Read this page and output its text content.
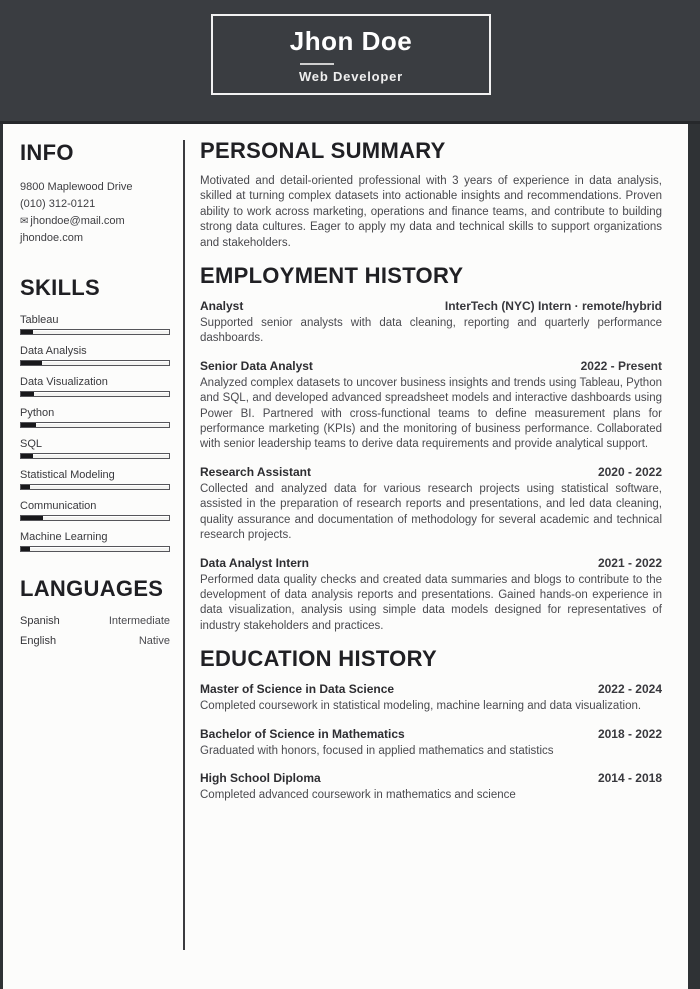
Jhon Doe
Web Developer
INFO
9800 Maplewood Drive
(010) 312-0121
✉ jhondoe@mail.com
jhondoe.com
SKILLS
Tableau
Data Analysis
Data Visualization
Python
SQL
Statistical Modeling
Communication
Machine Learning
LANGUAGES
Spanish	Intermediate
English	Native
PERSONAL SUMMARY
Motivated and detail-oriented professional with 3 years of experience in data analysis, skilled at turning complex datasets into actionable insights and recommendations. Proven ability to work across marketing, operations and finance teams, and contribute to building strong data cultures. Eager to apply my data and technical skills to support organizations and stakeholders.
EMPLOYMENT HISTORY
Analyst	InterTech (NYC) Intern · remote/hybrid
Supported senior analysts with data cleaning, reporting and quarterly performance dashboards.
Senior Data Analyst	2022 - Present
Analyzed complex datasets to uncover business insights and trends using Tableau, Python and SQL, and developed advanced spreadsheet models and interactive dashboards using Power BI. Partnered with cross-functional teams to define measurement plans for performance marketing (KPIs) and the monitoring of business performance. Collaborated with senior leadership teams to derive data requirements and provide analytical support.
Research Assistant	2020 - 2022
Collected and analyzed data for various research projects using statistical software, assisted in the preparation of research reports and presentations, and led data cleaning, quality assurance and documentation of methodology for several academic and technical research projects.
Data Analyst Intern	2021 - 2022
Performed data quality checks and created data summaries and blogs to contribute to the development of data analysis reports and presentations. Gained hands-on experience in data visualization, analysis using simple data models designed for representatives of industry stakeholders and practices.
EDUCATION HISTORY
Master of Science in Data Science	2022 - 2024
Completed coursework in statistical modeling, machine learning and data visualization.
Bachelor of Science in Mathematics	2018 - 2022
Graduated with honors, focused in applied mathematics and statistics
High School Diploma	2014 - 2018
Completed advanced coursework in mathematics and science
